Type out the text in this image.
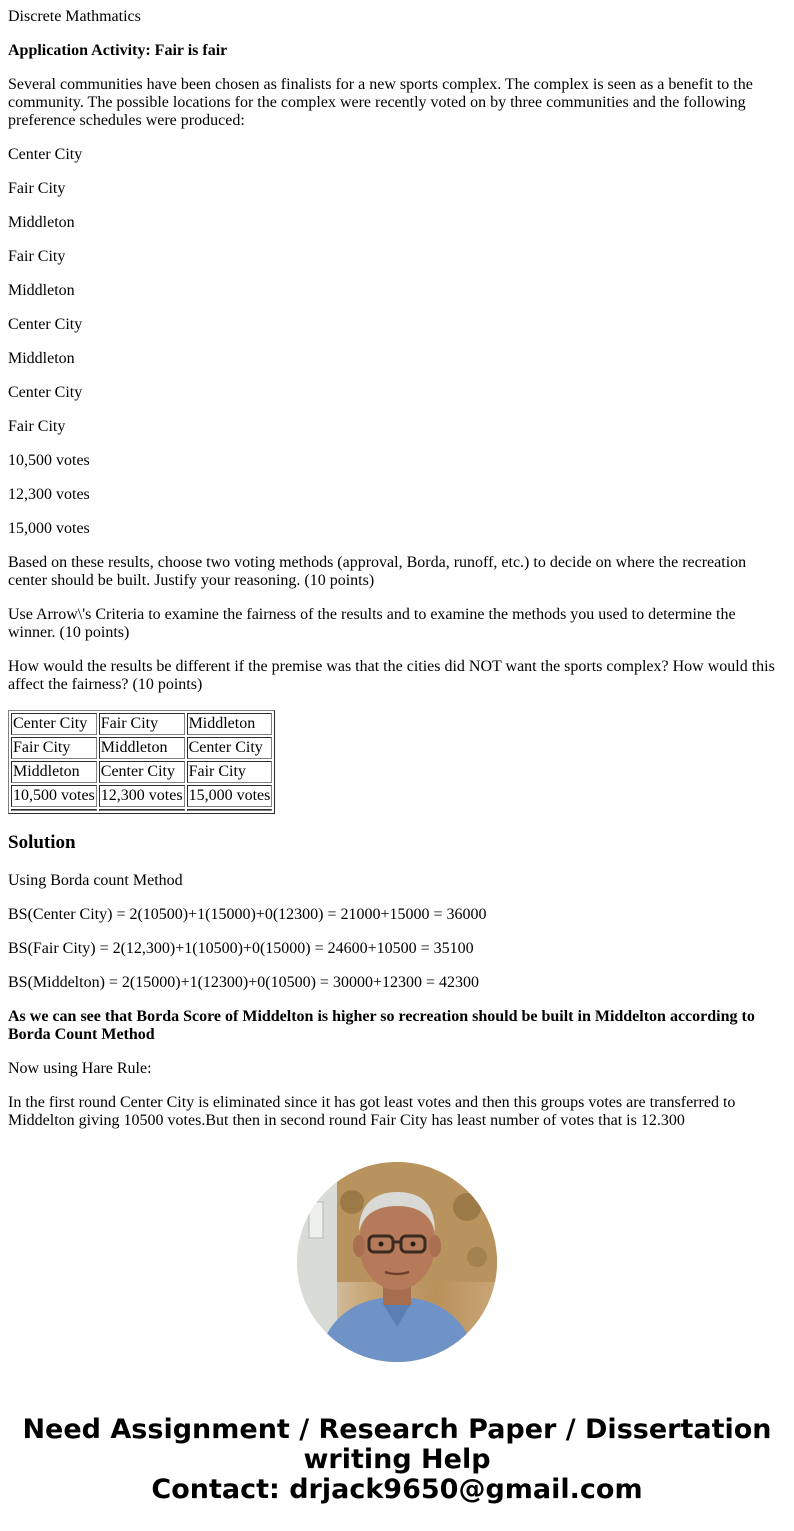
Discrete Mathmatics

Application Activity: Fair is fair

Several communities have been chosen as finalists for a new sports complex. The complex is seen as a benefit to the community. The possible locations for the complex were recently voted on by three communities and the following preference schedules were produced:

Center City

Fair City

Middleton

Fair City

Middleton

Center City

Middleton

Center City

Fair City

10,500 votes

12,300 votes

15,000 votes

Based on these results, choose two voting methods (approval, Borda, runoff, etc.) to decide on where the recreation center should be built. Justify your reasoning. (10 points)

Use Arrow\'s Criteria to examine the fairness of the results and to examine the methods you used to determine the winner. (10 points)

How would the results be different if the premise was that the cities did NOT want the sports complex? How would this affect the fairness? (10 points)

Center City	Fair City	Middleton
Fair City	Middleton	Center City
Middleton	Center City	Fair City
10,500 votes	12,300 votes	15,000 votes

Solution

Using Borda count Method

BS(Center City) = 2(10500)+1(15000)+0(12300) = 21000+15000 = 36000

BS(Fair City) = 2(12,300)+1(10500)+0(15000) = 24600+10500 = 35100

BS(Middelton) = 2(15000)+1(12300)+0(10500) = 30000+12300 = 42300

As we can see that Borda Score of Middelton is higher so recreation should be built in Middelton according to Borda Count Method

Now using Hare Rule:

In the first round Center City is eliminated since it has got least votes and then this groups votes are transferred to Middelton giving 10500 votes.But then in second round Fair City has least number of votes that is 12.300

Need Assignment / Research Paper / Dissertation
writing Help
Contact: drjack9650@gmail.com
